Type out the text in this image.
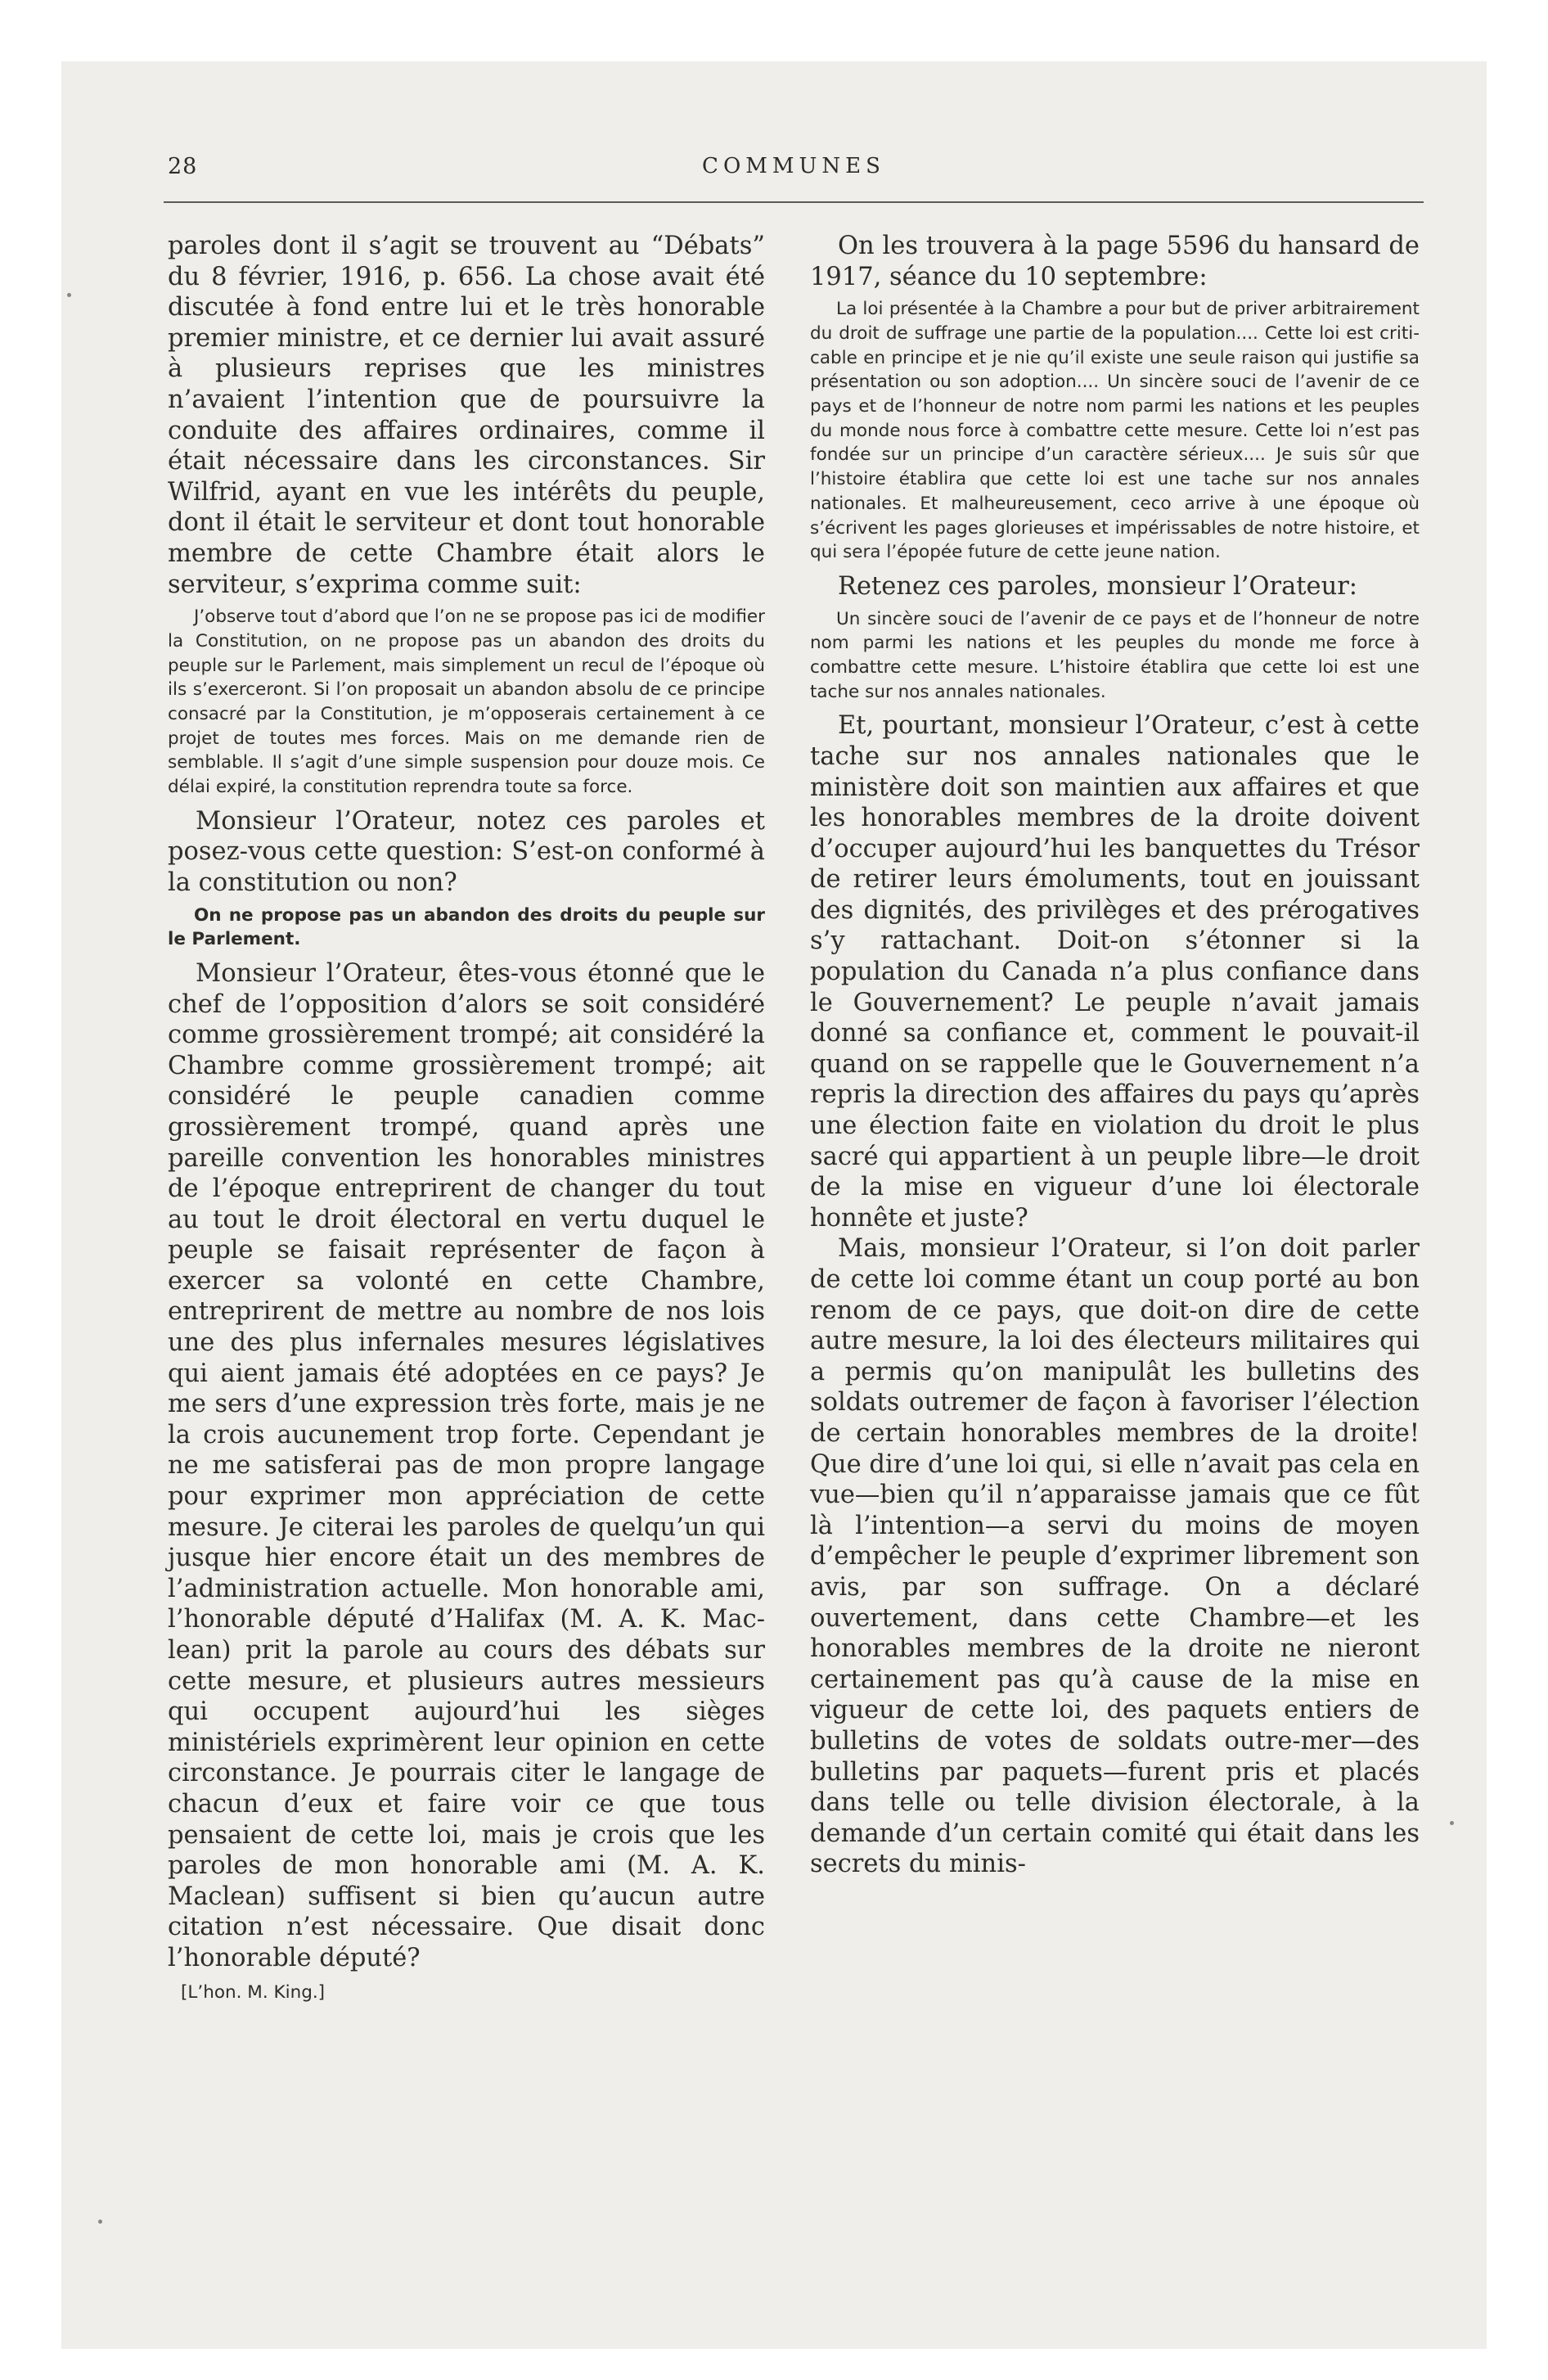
28	COMMUNES

paroles dont il s’agit se trouvent au “Débats” du 8 février, 1916, p. 656. La chose avait été discutée à fond entre lui et le très honorable premier ministre, et ce dernier lui avait assuré à plusieurs reprises que les ministres n’avaient l’intention que de poursuivre la conduite des affaires ordinaires, comme il était nécessaire dans les circonstances. Sir Wilfrid, ayant en vue les intérêts du peuple, dont il était le serviteur et dont tout honorable membre de cette Chambre était alors le serviteur, s’exprima comme suit:

J’observe tout d’abord que l’on ne se propose pas ici de modifier la Constitution, on ne propose pas un abandon des droits du peuple sur le Parlement, mais simplement un recul de l’époque où ils s’exerceront. Si l’on proposait un abandon absolu de ce principe consacré par la Constitution, je m’opposerais certainement à ce projet de toutes mes forces. Mais on me demande rien de semblable. Il s’agit d’une simple suspension pour douze mois. Ce délai expiré, la constitution reprendra toute sa force.

Monsieur l’Orateur, notez ces paroles et posez-vous cette question: S’est-on conformé à la constitution ou non?

On ne propose pas un abandon des droits du peuple sur le Parlement.

Monsieur l’Orateur, êtes-vous étonné que le chef de l’opposition d’alors se soit considéré comme grossièrement trompé; ait considéré la Chambre comme grossièrement trompé; ait considéré le peuple canadien comme grossièrement trompé, quand après une pareille convention les honorables ministres de l’époque entreprirent de changer du tout au tout le droit électoral en vertu duquel le peuple se faisait représenter de façon à exercer sa volonté en cette Chambre, entreprirent de mettre au nombre de nos lois une des plus infernales mesures législatives qui aient jamais été adoptées en ce pays? Je me sers d’une expression très forte, mais je ne la crois aucunement trop forte. Cependant je ne me satisferai pas de mon propre langage pour exprimer mon appréciation de cette mesure. Je citerai les paroles de quelqu’un qui jusque hier encore était un des membres de l’administration actuelle. Mon honorable ami, l’honorable député d’Halifax (M. A. K. Maclean) prit la parole au cours des débats sur cette mesure, et plusieurs autres messieurs qui occupent aujourd’hui les sièges ministériels exprimèrent leur opinion en cette circonstance. Je pourrais citer le langage de chacun d’eux et faire voir ce que tous pensaient de cette loi, mais je crois que les paroles de mon honorable ami (M. A. K. Maclean) suffisent si bien qu’aucun autre citation n’est nécessaire. Que disait donc l’honorable député?

[L’hon. M. King.]

On les trouvera à la page 5596 du hansard de 1917, séance du 10 septembre:

La loi présentée à la Chambre a pour but de priver arbitrairement du droit de suffrage une partie de la population.... Cette loi est criticable en principe et je nie qu’il existe une seule raison qui justifie sa présentation ou son adoption.... Un sincère souci de l’avenir de ce pays et de l’honneur de notre nom parmi les nations et les peuples du monde nous force à combattre cette mesure. Cette loi n’est pas fondée sur un principe d’un caractère sérieux.... Je suis sûr que l’histoire établira que cette loi est une tache sur nos annales nationales. Et malheureusement, ceco arrive à une époque où s’écrivent les pages glorieuses et impérissables de notre histoire, et qui sera l’épopée future de cette jeune nation.

Retenez ces paroles, monsieur l’Orateur:

Un sincère souci de l’avenir de ce pays et de l’honneur de notre nom parmi les nations et les peuples du monde me force à combattre cette mesure. L’histoire établira que cette loi est une tache sur nos annales nationales.

Et, pourtant, monsieur l’Orateur, c’est à cette tache sur nos annales nationales que le ministère doit son maintien aux affaires et que les honorables membres de la droite doivent d’occuper aujourd’hui les banquettes du Trésor de retirer leurs émoluments, tout en jouissant des dignités, des privilèges et des prérogatives s’y rattachant. Doit-on s’étonner si la population du Canada n’a plus confiance dans le Gouvernement? Le peuple n’avait jamais donné sa confiance et, comment le pouvait-il quand on se rappelle que le Gouvernement n’a repris la direction des affaires du pays qu’après une élection faite en violation du droit le plus sacré qui appartient à un peuple libre—le droit de la mise en vigueur d’une loi électorale honnête et juste?

Mais, monsieur l’Orateur, si l’on doit parler de cette loi comme étant un coup porté au bon renom de ce pays, que doit-on dire de cette autre mesure, la loi des électeurs militaires qui a permis qu’on manipulât les bulletins des soldats outremer de façon à favoriser l’élection de certain honorables membres de la droite! Que dire d’une loi qui, si elle n’avait pas cela en vue—bien qu’il n’apparaisse jamais que ce fût là l’intention—a servi du moins de moyen d’empêcher le peuple d’exprimer librement son avis, par son suffrage. On a déclaré ouvertement, dans cette Chambre—et les honorables membres de la droite ne nieront certainement pas qu’à cause de la mise en vigueur de cette loi, des paquets entiers de bulletins de votes de soldats outre-mer—des bulletins par paquets—furent pris et placés dans telle ou telle division électorale, à la demande d’un certain comité qui était dans les secrets du minis-
